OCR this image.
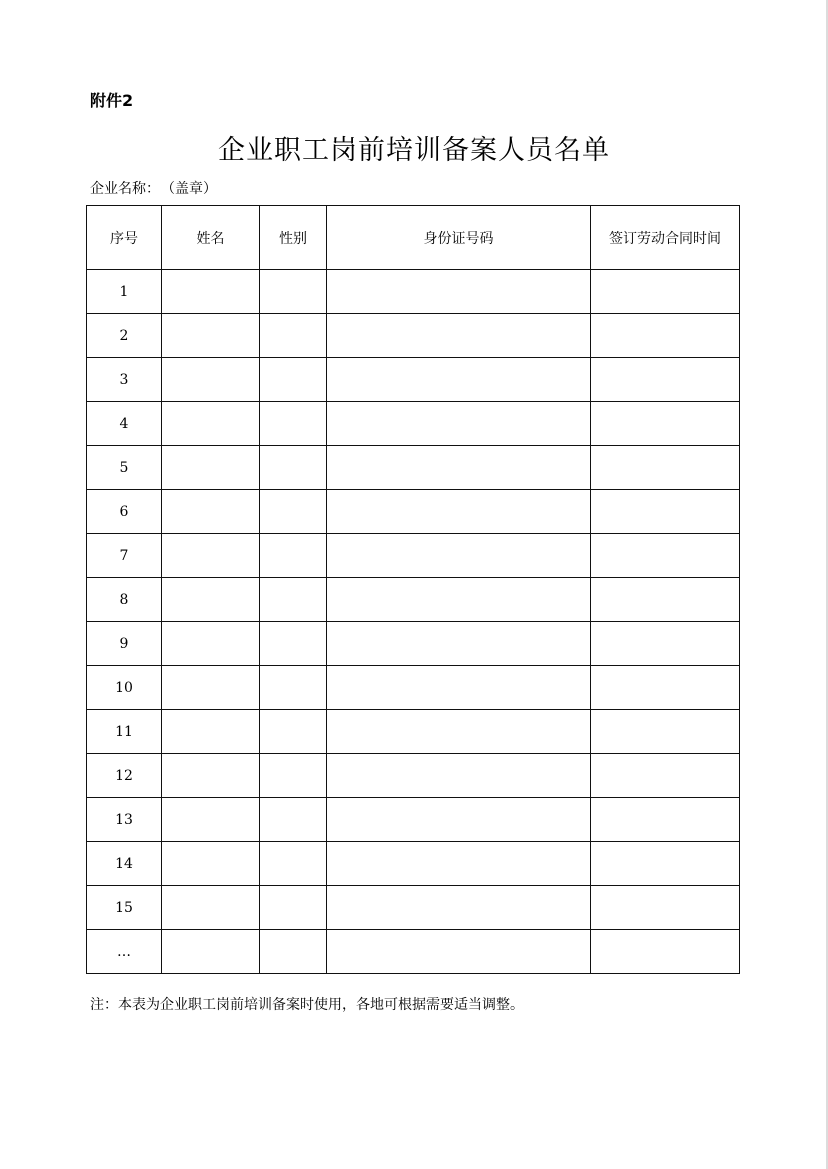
附件2
企业职工岗前培训备案人员名单
企业名称： （盖章）
序号	姓名	性别	身份证号码	签订劳动合同时间
1				
2				
3				
4				
5				
6				
7				
8				
9				
10				
11				
12				
13				
14				
15				
…				
注：本表为企业职工岗前培训备案时使用，各地可根据需要适当调整。
